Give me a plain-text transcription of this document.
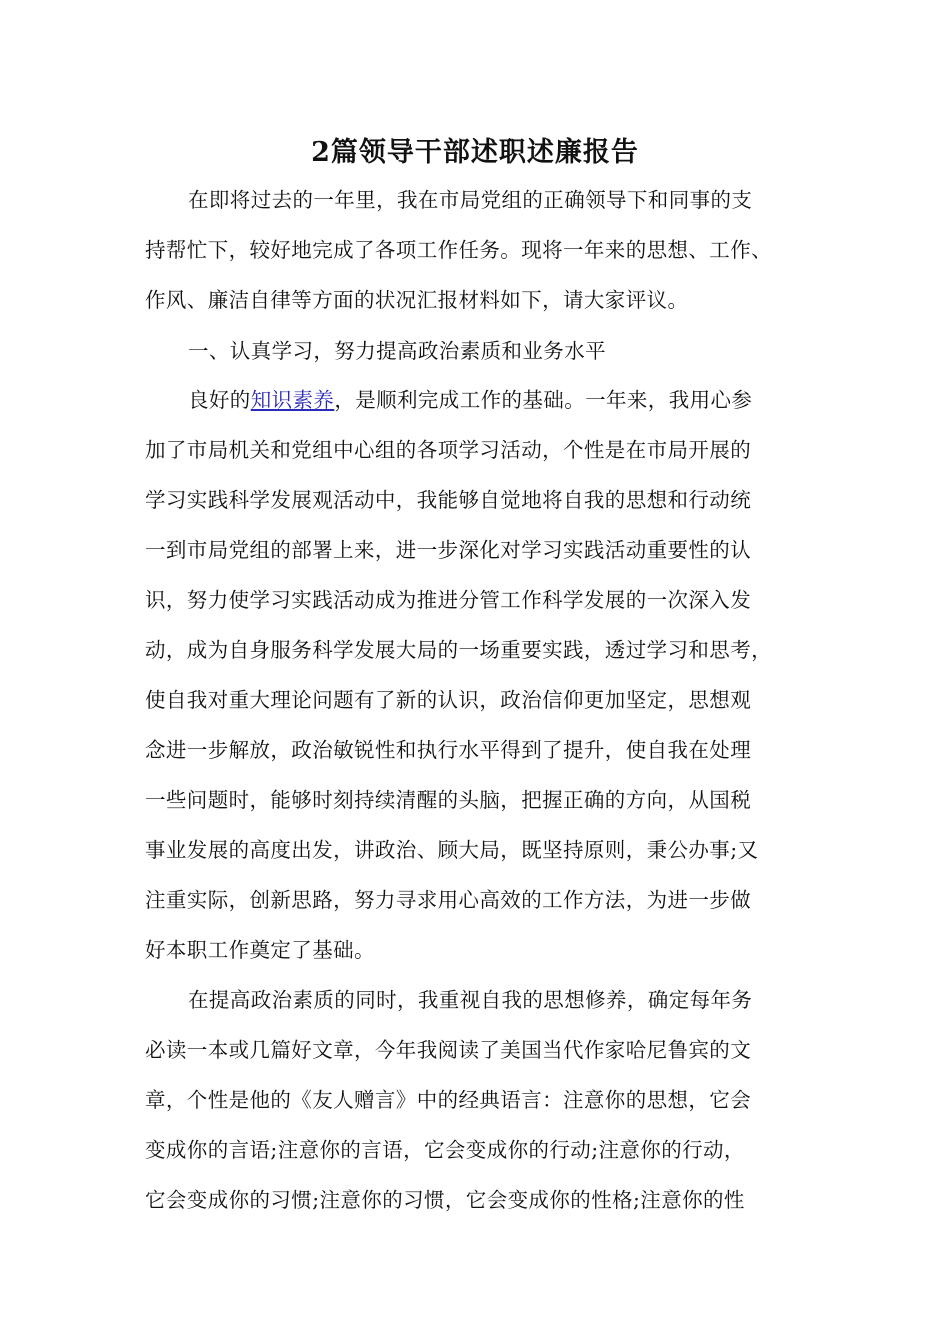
2篇领导干部述职述廉报告
在即将过去的一年里，我在市局党组的正确领导下和同事的支
持帮忙下，较好地完成了各项工作任务。现将一年来的思想、工作、
作风、廉洁自律等方面的状况汇报材料如下，请大家评议。
一、认真学习，努力提高政治素质和业务水平
良好的知识素养，是顺利完成工作的基础。一年来，我用心参
加了市局机关和党组中心组的各项学习活动，个性是在市局开展的
学习实践科学发展观活动中，我能够自觉地将自我的思想和行动统
一到市局党组的部署上来，进一步深化对学习实践活动重要性的认
识，努力使学习实践活动成为推进分管工作科学发展的一次深入发
动，成为自身服务科学发展大局的一场重要实践，透过学习和思考，
使自我对重大理论问题有了新的认识，政治信仰更加坚定，思想观
念进一步解放，政治敏锐性和执行水平得到了提升，使自我在处理
一些问题时，能够时刻持续清醒的头脑，把握正确的方向，从国税
事业发展的高度出发，讲政治、顾大局，既坚持原则，秉公办事;又
注重实际，创新思路，努力寻求用心高效的工作方法，为进一步做
好本职工作奠定了基础。
在提高政治素质的同时，我重视自我的思想修养，确定每年务
必读一本或几篇好文章，今年我阅读了美国当代作家哈尼鲁宾的文
章，个性是他的《友人赠言》中的经典语言：注意你的思想，它会
变成你的言语;注意你的言语，它会变成你的行动;注意你的行动，
它会变成你的习惯;注意你的习惯，它会变成你的性格;注意你的性
